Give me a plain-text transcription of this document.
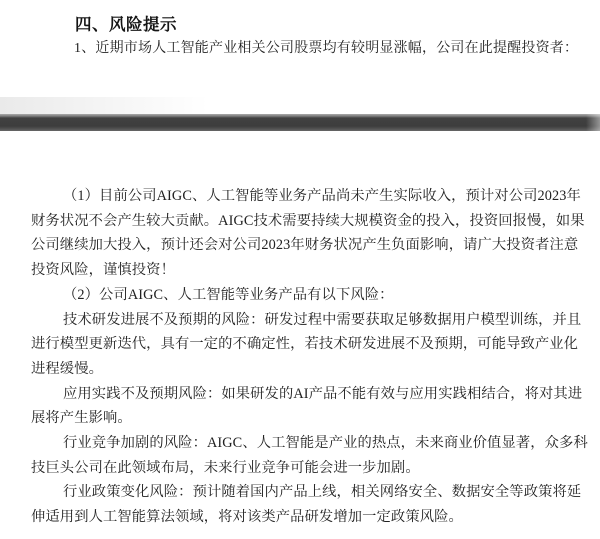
四、风险提示

1、近期市场人工智能产业相关公司股票均有较明显涨幅，公司在此提醒投资者：

（1）目前公司AIGC、人工智能等业务产品尚未产生实际收入，预计对公司2023年

财务状况不会产生较大贡献。AIGC技术需要持续大规模资金的投入，投资回报慢，如果

公司继续加大投入，预计还会对公司2023年财务状况产生负面影响，请广大投资者注意

投资风险，谨慎投资！

（2）公司AIGC、人工智能等业务产品有以下风险：

技术研发进展不及预期的风险：研发过程中需要获取足够数据用户模型训练，并且

进行模型更新迭代，具有一定的不确定性，若技术研发进展不及预期，可能导致产业化

进程缓慢。

应用实践不及预期风险：如果研发的AI产品不能有效与应用实践相结合，将对其进

展将产生影响。

行业竞争加剧的风险：AIGC、人工智能是产业的热点，未来商业价值显著，众多科

技巨头公司在此领域布局，未来行业竞争可能会进一步加剧。

行业政策变化风险：预计随着国内产品上线，相关网络安全、数据安全等政策将延

伸适用到人工智能算法领域，将对该类产品研发增加一定政策风险。
